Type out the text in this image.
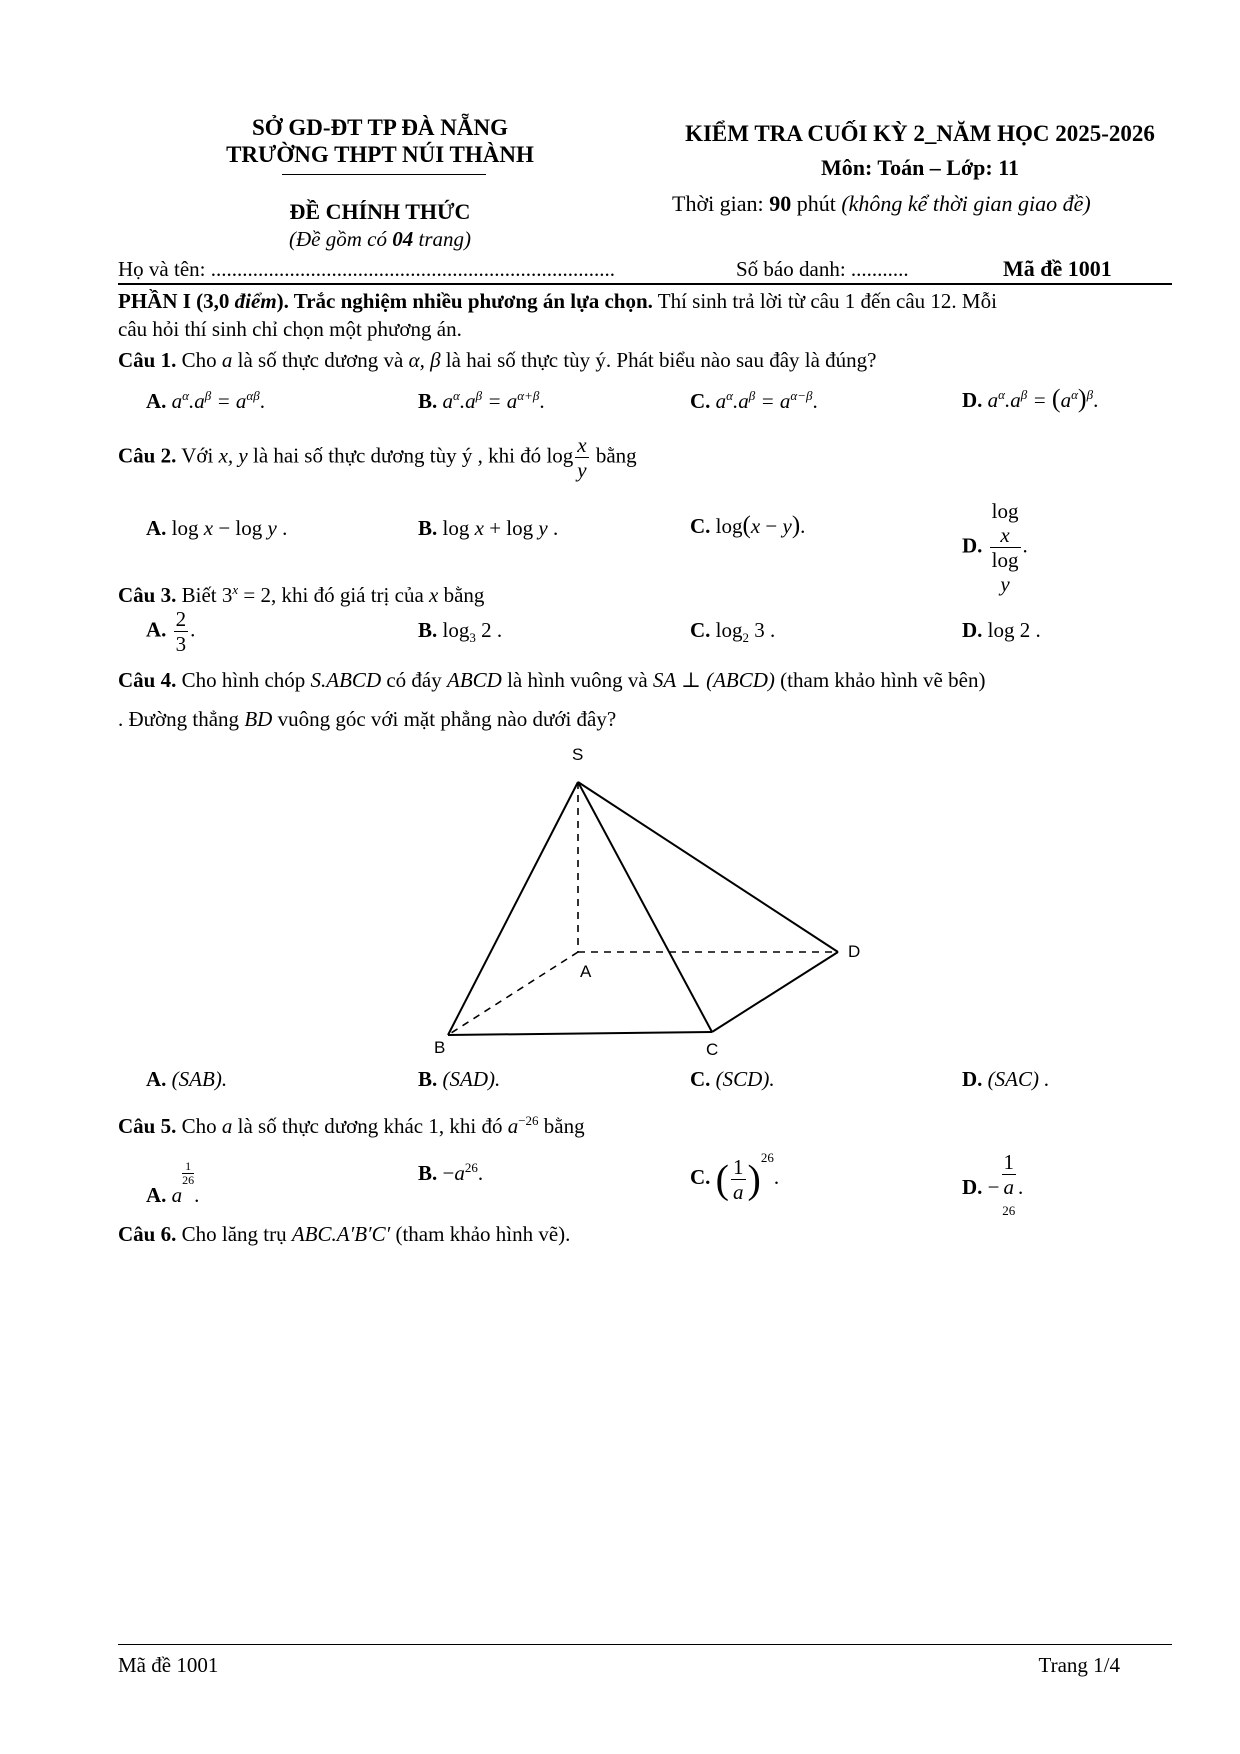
SỞ GD-ĐT TP ĐÀ NẴNG
TRƯỜNG THPT NÚI THÀNH
ĐỀ CHÍNH THỨC
(Đề gồm có 04 trang)
KIỂM TRA CUỐI KỲ 2_NĂM HỌC 2025-2026
Môn: Toán – Lớp: 11
Thời gian: 90 phút (không kể thời gian giao đề)
Họ và tên: .............................................................................	Số báo danh: ...........	Mã đề 1001
PHẦN I (3,0 điểm). Trắc nghiệm nhiều phương án lựa chọn. Thí sinh trả lời từ câu 1 đến câu 12. Mỗi
câu hỏi thí sinh chỉ chọn một phương án.
Câu 1. Cho a là số thực dương và α, β là hai số thực tùy ý. Phát biểu nào sau đây là đúng?
A. $a^\alpha.a^\beta = a^{\alpha\beta}$.	B. $a^\alpha.a^\beta = a^{\alpha+\beta}$.	C. $a^\alpha.a^\beta = a^{\alpha-\beta}$.	D. $a^\alpha.a^\beta = (a^\alpha)^\beta$.
Câu 2. Với x, y là hai số thực dương tùy ý , khi đó $\log \frac{x}{y}$ bằng
A. log x − log y .	B. log x + log y .	C. log(x − y).
D. log
x
log
y .
Câu 3. Biết $3^x = 2$, khi đó giá trị của x bằng
A. $\frac{2}{3}$ .	B. $\log_3 2$ .	C. $\log_2 3$ .	D. log 2 .
Câu 4. Cho hình chóp S.ABCD có đáy ABCD là hình vuông và SA ⊥ (ABCD) (tham khảo hình vẽ bên)
. Đường thẳng BD vuông góc với mặt phẳng nào dưới đây?
S
A
B	C
D
A. (SAB).	B. (SAD).	C. (SCD).	D. (SAC) .
Câu 5. Cho a là số thực dương khác 1, khi đó $a^{-26}$ bằng
A. a
$\frac{1}{26}$
.
B. $-a^{26}$.	C. ( $\frac{1}{a} )^{26}$.	D. − 1
a
$^{26}$ .
Câu 6. Cho lăng trụ ABC.A′B′C′ (tham khảo hình vẽ).
Mã đề 1001	Trang 1/4
